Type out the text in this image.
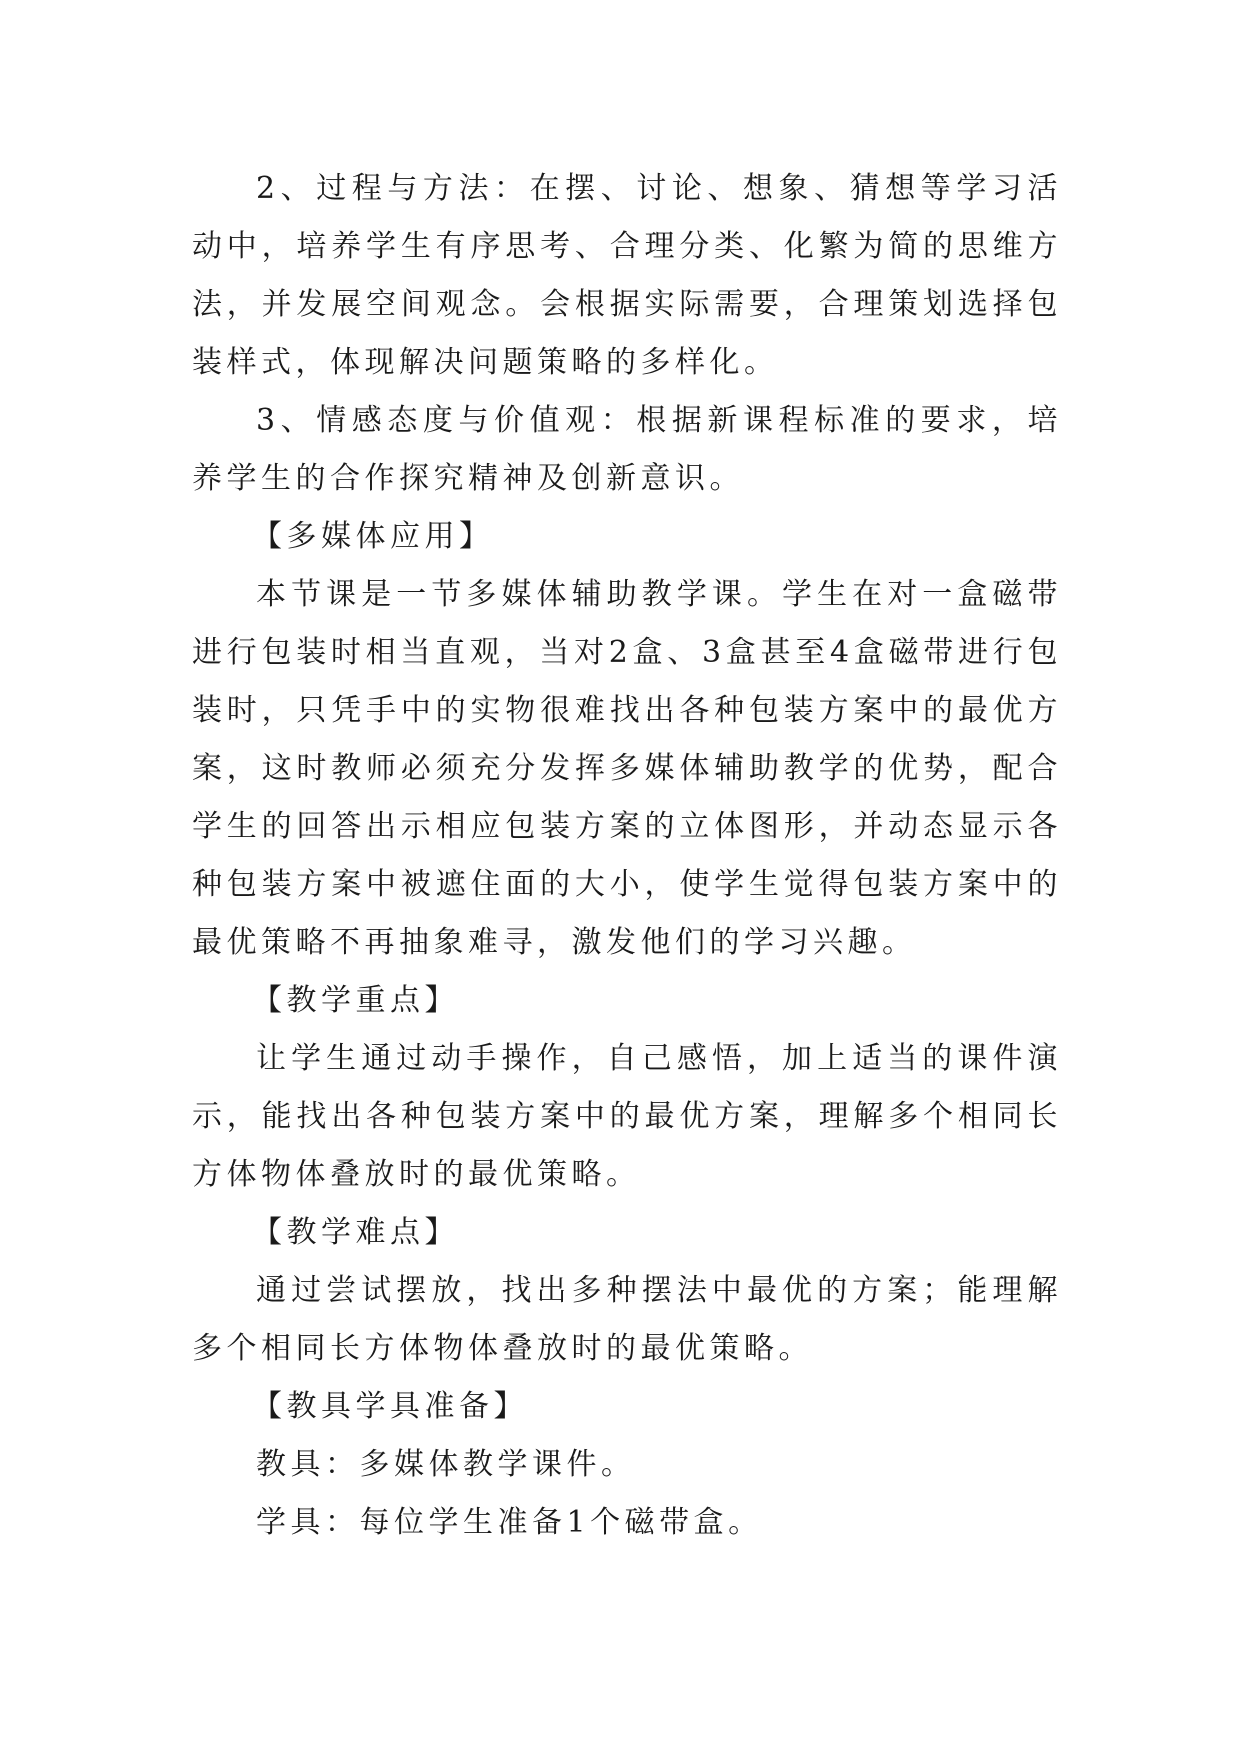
2、过程与方法：在摆、讨论、想象、猜想等学习活动中，培养学生有序思考、合理分类、化繁为简的思维方法，并发展空间观念。会根据实际需要，合理策划选择包装样式，体现解决问题策略的多样化。

3、情感态度与价值观：根据新课程标准的要求，培养学生的合作探究精神及创新意识。

【多媒体应用】

本节课是一节多媒体辅助教学课。学生在对一盒磁带进行包装时相当直观，当对2盒、3盒甚至4盒磁带进行包装时，只凭手中的实物很难找出各种包装方案中的最优方案，这时教师必须充分发挥多媒体辅助教学的优势，配合学生的回答出示相应包装方案的立体图形，并动态显示各种包装方案中被遮住面的大小，使学生觉得包装方案中的最优策略不再抽象难寻，激发他们的学习兴趣。

【教学重点】

让学生通过动手操作，自己感悟，加上适当的课件演示，能找出各种包装方案中的最优方案，理解多个相同长方体物体叠放时的最优策略。

【教学难点】

通过尝试摆放，找出多种摆法中最优的方案；能理解多个相同长方体物体叠放时的最优策略。

【教具学具准备】

教具：多媒体教学课件。

学具：每位学生准备1个磁带盒。
